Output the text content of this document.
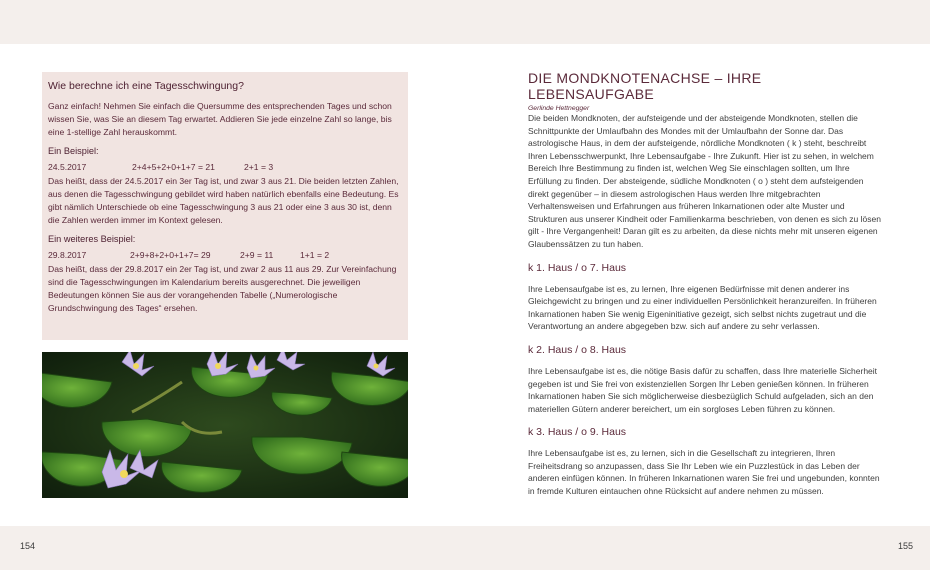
Wie berechne ich eine Tagesschwingung?

Ganz einfach! Nehmen Sie einfach die Quersumme des entsprechenden Tages und schon wissen Sie, was Sie an diesem Tag erwartet. Addieren Sie jede einzelne Zahl so lange, bis eine 1-stellige Zahl herauskommt.

Ein Beispiel:
24.5.2017	2+4+5+2+0+1+7 = 21	2+1 = 3

Das heißt, dass der 24.5.2017 ein 3er Tag ist, und zwar 3 aus 21. Die beiden letzten Zahlen, aus denen die Tagesschwingung gebildet wird haben natürlich ebenfalls eine Bedeutung. Es gibt nämlich Unterschiede ob eine Tagesschwingung 3 aus 21 oder eine 3 aus 30 ist, denn die Zahlen werden immer im Kontext gelesen.

Ein weiteres Beispiel:
29.8.2017	2+9+8+2+0+1+7= 29	2+9 = 11	1+1 = 2

Das heißt, dass der 29.8.2017 ein 2er Tag ist, und zwar 2 aus 11 aus 29. Zur Vereinfachung sind die Tagesschwingungen im Kalendarium bereits ausgerechnet. Die jeweiligen Bedeutungen können Sie aus der vorangehenden Tabelle („Numerologische Grundschwingung des Tages“ ersehen.

DIE MONDKNOTENACHSE – IHRE LEBENSAUFGABE
Gerlinde Hettnegger

Die beiden Mondknoten, der aufsteigende und der absteigende Mondknoten, stellen die Schnittpunkte der Umlaufbahn des Mondes mit der Umlaufbahn der Sonne dar. Das astrologische Haus, in dem der aufsteigende, nördliche Mondknoten ( k ) steht, beschreibt Ihren Lebensschwerpunkt, Ihre Lebensaufgabe - Ihre Zukunft. Hier ist zu sehen, in welchem Bereich Ihre Bestimmung zu finden ist, welchen Weg Sie einschlagen sollten, um Ihre Erfüllung zu finden. Der absteigende, südliche Mondknoten ( o ) steht dem aufsteigenden direkt gegenüber – in diesem astrologischen Haus werden Ihre mitgebrachten Verhaltensweisen und Erfahrungen aus früheren Inkarnationen oder alte Muster und Strukturen aus unserer Kindheit oder Familienkarma beschrieben, von denen es sich zu lösen gilt - Ihre Vergangenheit! Daran gilt es zu arbeiten, da diese nichts mehr mit unseren eigenen Glaubenssätzen zu tun haben.

k 1. Haus / o 7. Haus

Ihre Lebensaufgabe ist es, zu lernen, Ihre eigenen Bedürfnisse mit denen anderer ins Gleichgewicht zu bringen und zu einer individuellen Persönlichkeit heranzureifen. In früheren Inkarnationen haben Sie wenig Eigeninitiative gezeigt, sich selbst nichts zugetraut und die Verantwortung an andere abgegeben bzw. sich auf andere zu sehr verlassen.

k 2. Haus / o 8. Haus

Ihre Lebensaufgabe ist es, die nötige Basis dafür zu schaffen, dass Ihre materielle Sicherheit gegeben ist und Sie frei von existenziellen Sorgen Ihr Leben genießen können. In früheren Inkarnationen haben Sie sich möglicherweise diesbezüglich Schuld aufgeladen, sich an den materiellen Gütern anderer bereichert, um ein sorgloses Leben führen zu können.

k 3. Haus / o 9. Haus

Ihre Lebensaufgabe ist es, zu lernen, sich in die Gesellschaft zu integrieren, Ihren Freiheitsdrang so anzupassen, dass Sie Ihr Leben wie ein Puzzlestück in das Leben der anderen einfügen können. In früheren Inkarnationen waren Sie frei und ungebunden, konnten in fremde Kulturen eintauchen ohne Rücksicht auf andere nehmen zu müssen.

154	155
